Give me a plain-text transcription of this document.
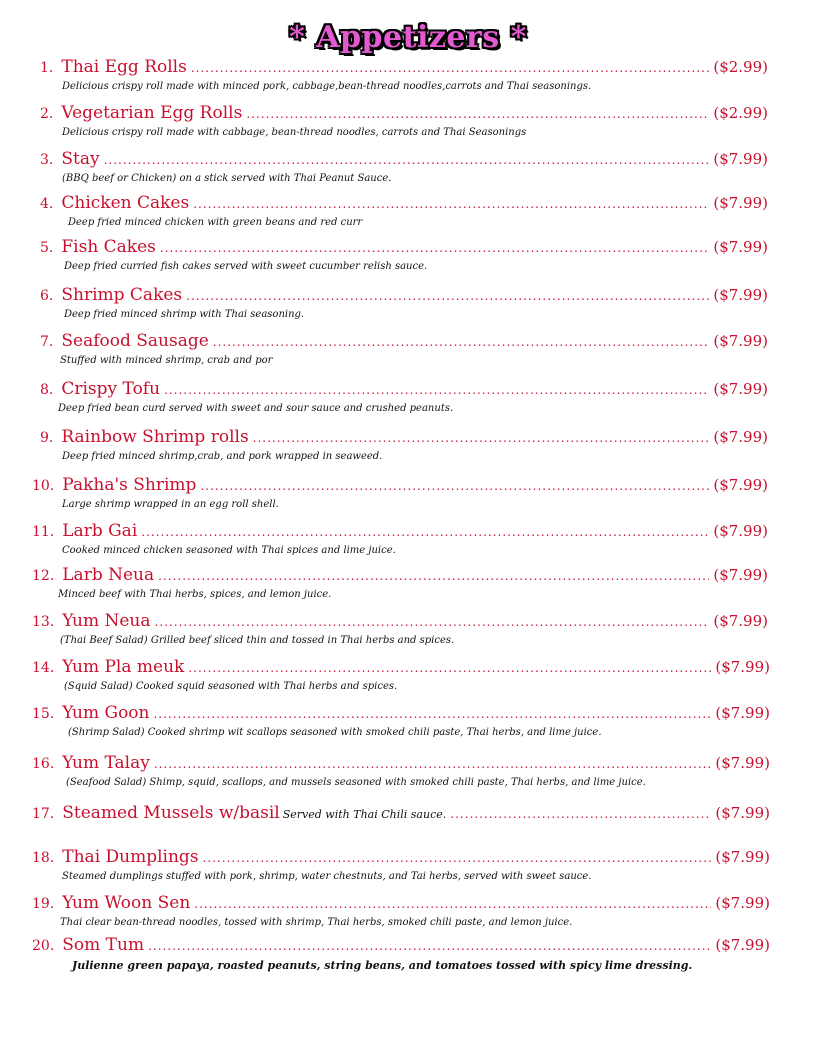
* Appetizers *
1. Thai Egg Rolls .....	($2.99)
Delicious crispy roll made with minced pork, cabbage,bean-thread noodles,carrots and Thai seasonings.
2. Vegetarian Egg Rolls .....	($2.99)
Delicious crispy roll made with cabbage, bean-thread noodles, carrots and Thai Seasonings
3. Stay .....	($7.99)
(BBQ beef or Chicken) on a stick served with Thai Peanut Sauce.
4. Chicken Cakes .....	($7.99)
Deep fried minced chicken with green beans and red curr
5. Fish Cakes .....	($7.99)
Deep fried curried fish cakes served with sweet cucumber relish sauce.
6. Shrimp Cakes .....	($7.99)
Deep fried minced shrimp with Thai seasoning.
7. Seafood Sausage .....	($7.99)
Stuffed with minced shrimp, crab and por
8. Crispy Tofu .....	($7.99)
Deep fried bean curd served with sweet and sour sauce and crushed peanuts.
9. Rainbow Shrimp rolls .....	($7.99)
Deep fried minced shrimp,crab, and pork wrapped in seaweed.
10. Pakha's Shrimp .....	($7.99)
Large shrimp wrapped in an egg roll shell.
11. Larb Gai .....	($7.99)
Cooked minced chicken seasoned with Thai spices and lime juice.
12. Larb Neua .....	($7.99)
Minced beef with Thai herbs, spices, and lemon juice.
13. Yum Neua .....	($7.99)
(Thai Beef Salad) Grilled beef sliced thin and tossed in Thai herbs and spices.
14. Yum Pla meuk .....	($7.99)
(Squid Salad) Cooked squid seasoned with Thai herbs and spices.
15. Yum Goon .....	($7.99)
(Shrimp Salad) Cooked shrimp wit scallops seasoned with smoked chili paste, Thai herbs, and lime juice.
16. Yum Talay .....	($7.99)
(Seafood Salad) Shimp, squid, scallops, and mussels seasoned with smoked chili paste, Thai herbs, and lime juice.
17. Steamed Mussels w/basil Served with Thai Chili sauce. .....	($7.99)
18. Thai Dumplings .....	($7.99)
Steamed dumplings stuffed with pork, shrimp, water chestnuts, and Tai herbs, served with sweet sauce.
19. Yum Woon Sen .....	($7.99)
Thai clear bean-thread noodles, tossed with shrimp, Thai herbs, smoked chili paste, and lemon juice.
20. Som Tum .....	($7.99)
Julienne green papaya, roasted peanuts, string beans, and tomatoes tossed with spicy lime dressing.
